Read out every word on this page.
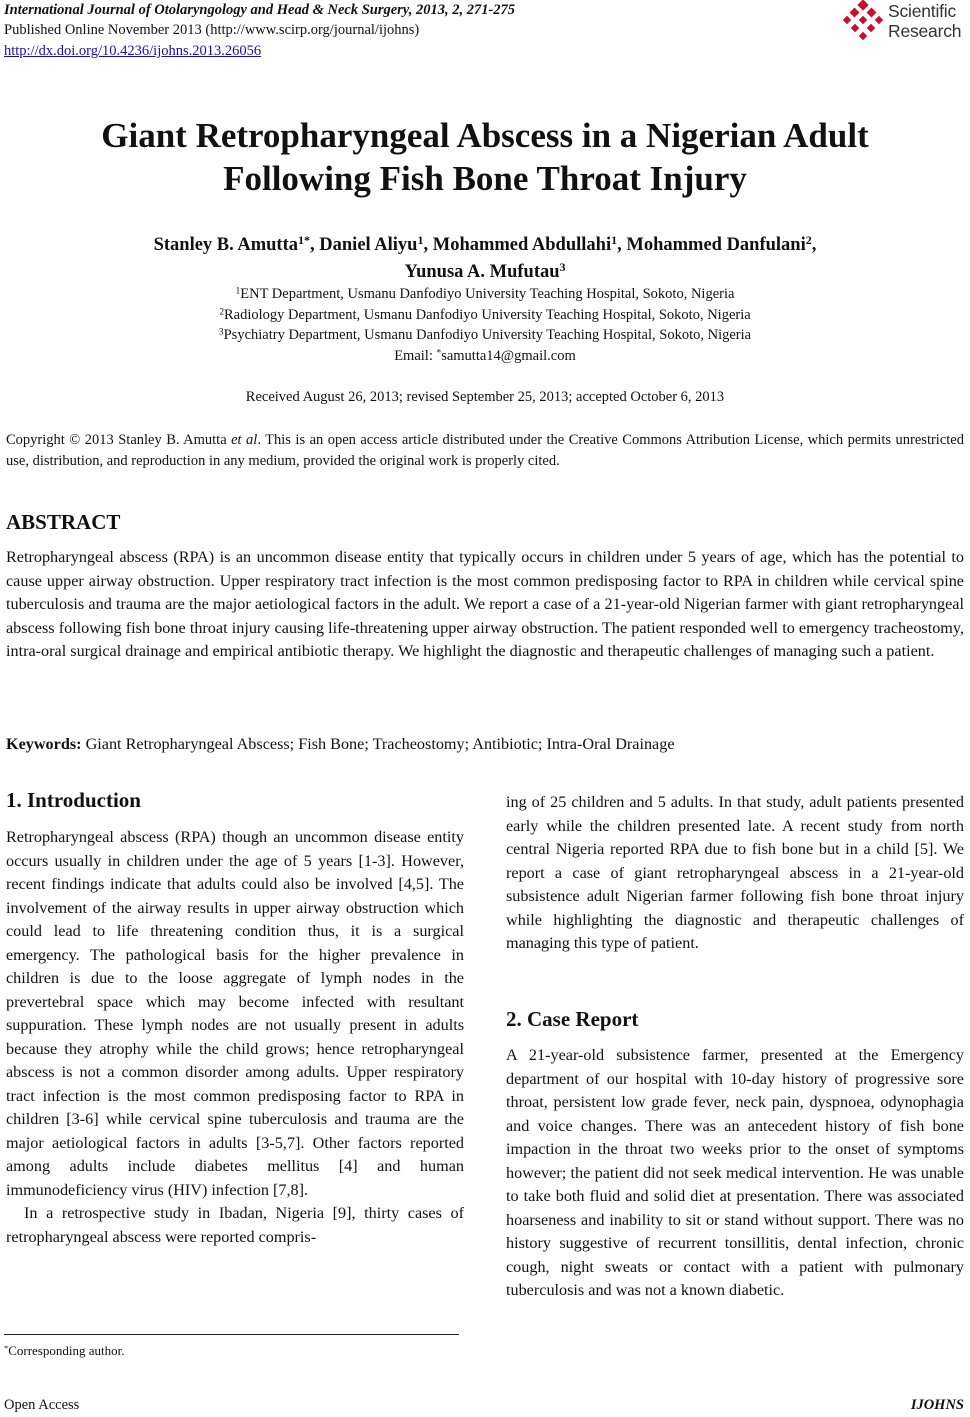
International Journal of Otolaryngology and Head & Neck Surgery, 2013, 2, 271-275
Published Online November 2013 (http://www.scirp.org/journal/ijohns)
http://dx.doi.org/10.4236/ijohns.2013.26056
Scientific
Research
Giant Retropharyngeal Abscess in a Nigerian Adult
Following Fish Bone Throat Injury
Stanley B. Amutta$^{1*}$, Daniel Aliyu$^1$, Mohammed Abdullahi$^1$, Mohammed Danfulani$^2$,
Yunusa A. Mufutau$^3$
$^1$ENT Department, Usmanu Danfodiyo University Teaching Hospital, Sokoto, Nigeria
$^2$Radiology Department, Usmanu Danfodiyo University Teaching Hospital, Sokoto, Nigeria
$^3$Psychiatry Department, Usmanu Danfodiyo University Teaching Hospital, Sokoto, Nigeria
Email: *samutta14@gmail.com
Received August 26, 2013; revised September 25, 2013; accepted October 6, 2013
Copyright © 2013 Stanley B. Amutta et al. This is an open access article distributed under the Creative Commons Attribution License, which permits unrestricted use, distribution, and reproduction in any medium, provided the original work is properly cited.
ABSTRACT
Retropharyngeal abscess (RPA) is an uncommon disease entity that typically occurs in children under 5 years of age, which has the potential to cause upper airway obstruction. Upper respiratory tract infection is the most common predisposing factor to RPA in children while cervical spine tuberculosis and trauma are the major aetiological factors in the adult. We report a case of a 21-year-old Nigerian farmer with giant retropharyngeal abscess following fish bone throat injury causing life-threatening upper airway obstruction. The patient responded well to emergency tracheostomy, intra-oral surgical drainage and empirical antibiotic therapy. We highlight the diagnostic and therapeutic challenges of managing such a patient.
Keywords: Giant Retropharyngeal Abscess; Fish Bone; Tracheostomy; Antibiotic; Intra-Oral Drainage
1. Introduction

Retropharyngeal abscess (RPA) though an uncommon disease entity occurs usually in children under the age of 5 years [1-3]. However, recent findings indicate that adults could also be involved [4,5]. The involvement of the airway results in upper airway obstruction which could lead to life threatening condition thus, it is a surgical emergency. The pathological basis for the higher prevalence in children is due to the loose aggregate of lymph nodes in the prevertebral space which may become infected with resultant suppuration. These lymph nodes are not usually present in adults because they atrophy while the child grows; hence retropharyngeal abscess is not a common disorder among adults. Upper respiratory tract infection is the most common predisposing factor to RPA in children [3-6] while cervical spine tuberculosis and trauma are the major aetiological factors in adults [3-5,7]. Other factors reported among adults include diabetes mellitus [4] and human immunodeficiency virus (HIV) infection [7,8].

In a retrospective study in Ibadan, Nigeria [9], thirty cases of retropharyngeal abscess were reported compris-

ing of 25 children and 5 adults. In that study, adult patients presented early while the children presented late. A recent study from north central Nigeria reported RPA due to fish bone but in a child [5]. We report a case of giant retropharyngeal abscess in a 21-year-old subsistence adult Nigerian farmer following fish bone throat injury while highlighting the diagnostic and therapeutic challenges of managing this type of patient.

2. Case Report

A 21-year-old subsistence farmer, presented at the Emergency department of our hospital with 10-day history of progressive sore throat, persistent low grade fever, neck pain, dyspnoea, odynophagia and voice changes. There was an antecedent history of fish bone impaction in the throat two weeks prior to the onset of symptoms however; the patient did not seek medical intervention. He was unable to take both fluid and solid diet at presentation. There was associated hoarseness and inability to sit or stand without support. There was no history suggestive of recurrent tonsillitis, dental infection, chronic cough, night sweats or contact with a patient with pulmonary tuberculosis and was not a known diabetic.

*Corresponding author.
Open Access	IJOHNS
